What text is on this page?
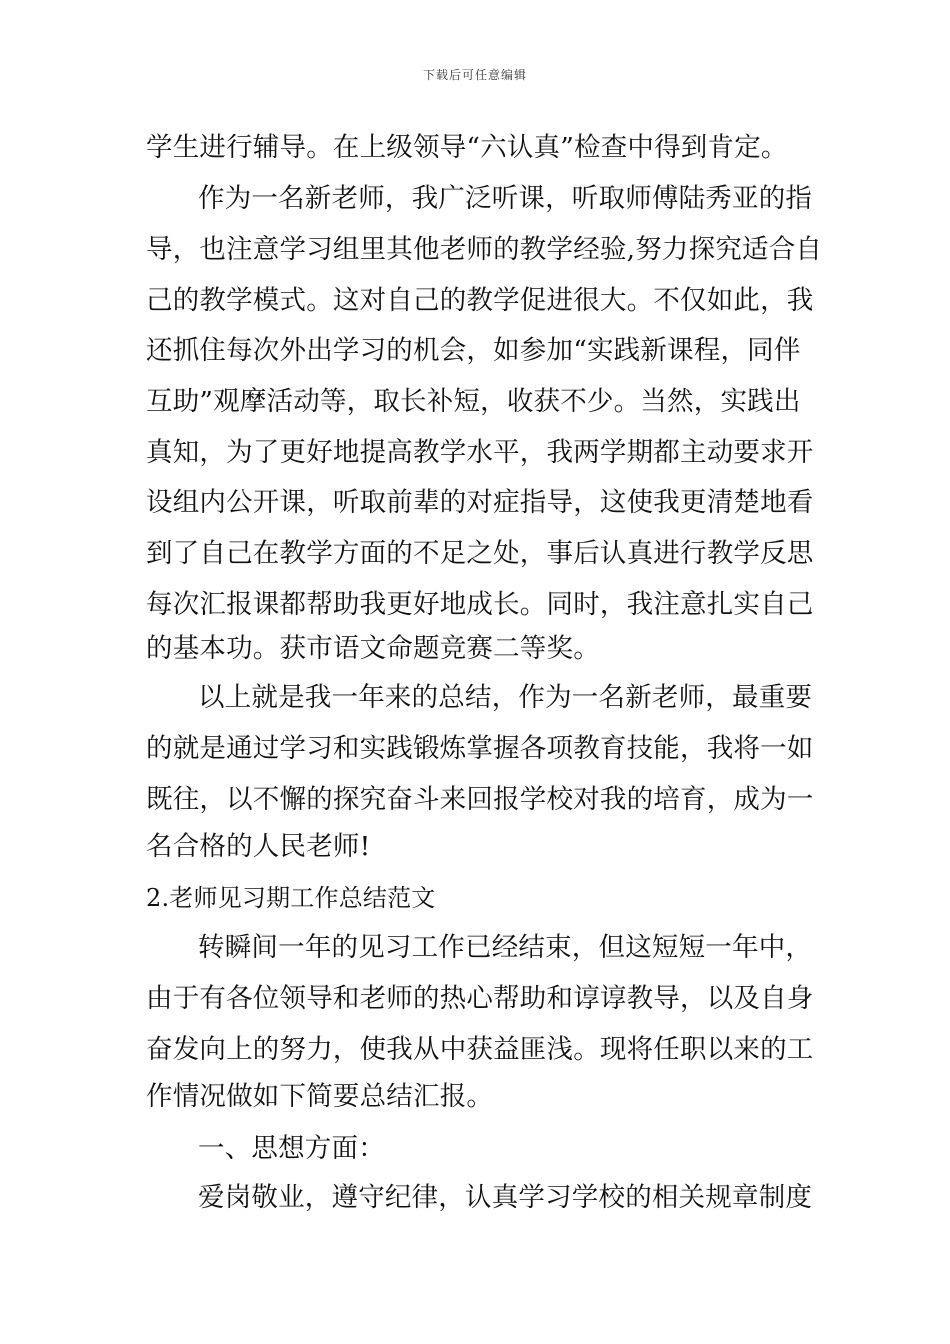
下载后可任意编辑
学生进行辅导。在上级领导“六认真”检查中得到肯定。
作为一名新老师，我广泛听课，听取师傅陆秀亚的指
导，也注意学习组里其他老师的教学经验,努力探究适合自
己的教学模式。这对自己的教学促进很大。不仅如此，我
还抓住每次外出学习的机会，如参加“实践新课程，同伴
互助”观摩活动等，取长补短，收获不少。当然，实践出
真知，为了更好地提高教学水平，我两学期都主动要求开
设组内公开课，听取前辈的对症指导，这使我更清楚地看
到了自己在教学方面的不足之处，事后认真进行教学反思
每次汇报课都帮助我更好地成长。同时，我注意扎实自己
的基本功。获市语文命题竞赛二等奖。
以上就是我一年来的总结，作为一名新老师，最重要
的就是通过学习和实践锻炼掌握各项教育技能，我将一如
既往，以不懈的探究奋斗来回报学校对我的培育，成为一
名合格的人民老师!
2.老师见习期工作总结范文
转瞬间一年的见习工作已经结束，但这短短一年中，
由于有各位领导和老师的热心帮助和谆谆教导，以及自身
奋发向上的努力，使我从中获益匪浅。现将任职以来的工
作情况做如下简要总结汇报。
一、思想方面：
爱岗敬业，遵守纪律，认真学习学校的相关规章制度
